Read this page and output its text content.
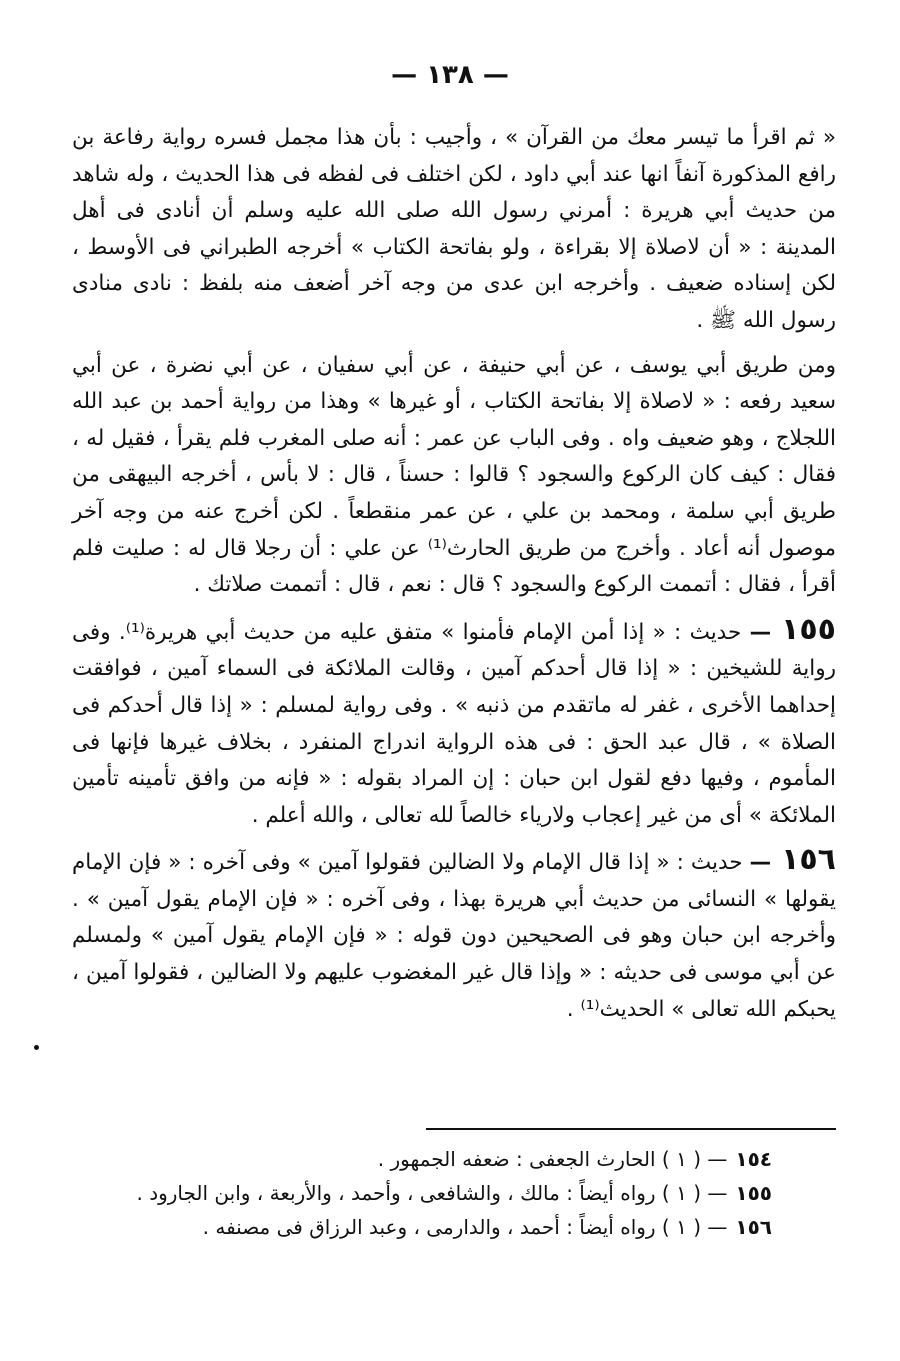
— ١٣٨ —

« ثم اقرأ ما تيسر معك من القرآن » ، وأجيب : بأن هذا مجمل فسره رواية رفاعة بن رافع المذكورة آنفاً انها عند أبي داود ، لكن اختلف فى لفظه فى هذا الحديث ، وله شاهد من حديث أبي هريرة : أمرني رسول الله صلى الله عليه وسلم أن أنادى فى أهل المدينة : « أن لاصلاة إلا بقراءة ، ولو بفاتحة الكتاب » أخرجه الطبراني فى الأوسط ، لكن إسناده ضعيف . وأخرجه ابن عدى من وجه آخر أضعف منه بلفظ : نادى منادى رسول الله ﷺ .

ومن طريق أبي يوسف ، عن أبي حنيفة ، عن أبي سفيان ، عن أبي نضرة ، عن أبي سعيد رفعه : « لاصلاة إلا بفاتحة الكتاب ، أو غيرها » وهذا من رواية أحمد بن عبد الله اللجلاج ، وهو ضعيف واه . وفى الباب عن عمر : أنه صلى المغرب فلم يقرأ ، فقيل له ، فقال : كيف كان الركوع والسجود ؟ قالوا : حسناً ، قال : لا بأس ، أخرجه البيهقى من طريق أبي سلمة ، ومحمد بن علي ، عن عمر منقطعاً . لكن أخرج عنه من وجه آخر موصول أنه أعاد . وأخرج من طريق الحارث⁽¹⁾ عن علي : أن رجلا قال له : صليت فلم أقرأ ، فقال : أتممت الركوع والسجود ؟ قال : نعم ، قال : أتممت صلاتك .

١٥٥— حديث : « إذا أمن الإمام فأمنوا » متفق عليه من حديث أبي هريرة⁽¹⁾. وفى رواية للشيخين : « إذا قال أحدكم آمين ، وقالت الملائكة فى السماء آمين ، فوافقت إحداهما الأخرى ، غفر له ماتقدم من ذنبه » . وفى رواية لمسلم : « إذا قال أحدكم فى الصلاة » ، قال عبد الحق : فى هذه الرواية اندراج المنفرد ، بخلاف غيرها فإنها فى المأموم ، وفيها دفع لقول ابن حبان : إن المراد بقوله : « فإنه من وافق تأمينه تأمين الملائكة » أى من غير إعجاب ولارياء خالصاً لله تعالى ، والله أعلم .

١٥٦— حديث : « إذا قال الإمام ولا الضالين فقولوا آمين » وفى آخره : « فإن الإمام يقولها » النسائى من حديث أبي هريرة بهذا ، وفى آخره : « فإن الإمام يقول آمين » . وأخرجه ابن حبان وهو فى الصحيحين دون قوله : « فإن الإمام يقول آمين » ولمسلم عن أبي موسى فى حديثه : « وإذا قال غير المغضوب عليهم ولا الضالين ، فقولوا آمين ، يحبكم الله تعالى » الحديث⁽¹⁾ .

١٥٤— ( ١ ) الحارث الجعفى : ضعفه الجمهور .

١٥٥— ( ١ ) رواه أيضاً : مالك ، والشافعى ، وأحمد ، والأربعة ، وابن الجارود .

١٥٦— ( ١ ) رواه أيضاً : أحمد ، والدارمى ، وعبد الرزاق فى مصنفه .
